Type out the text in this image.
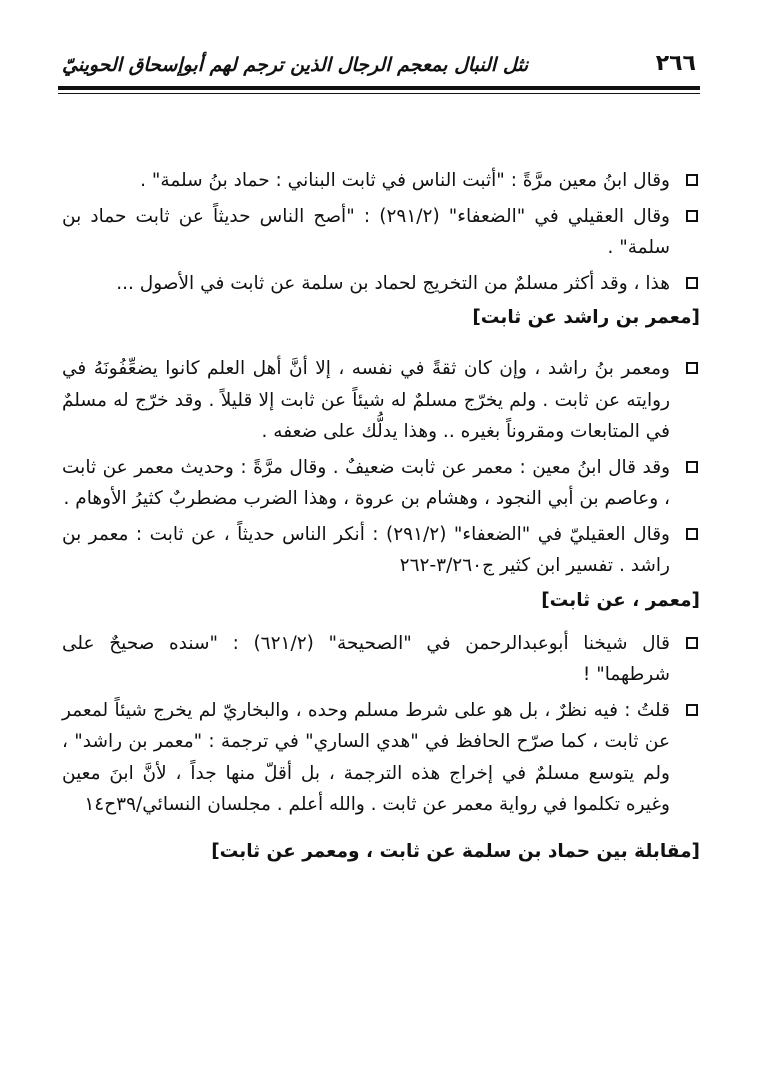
٢٦٦
نثل النبال بمعجم الرجال الذين ترجم لهم أبوإسحاق الحوينيّ
وقال ابنُ معين مرَّةً : "أثبت الناس في ثابت البناني : حماد بنُ سلمة" .
وقال العقيلي في "الضعفاء" (٢٩١/٢) : "أصح الناس حديثاً عن ثابت حماد بن سلمة" .
هذا ، وقد أكثر مسلمٌ من التخريج لحماد بن سلمة عن ثابت في الأصول ...
[معمر بن راشد عن ثابت]
ومعمر بنُ راشد ، وإن كان ثقةً في نفسه ، إلا أنَّ أهل العلم كانوا يضعِّفُونَهُ في روايته عن ثابت . ولم يخرّج مسلمٌ له شيئاً عن ثابت إلا قليلاً . وقد خرّج له مسلمٌ في المتابعات ومقروناً بغيره .. وهذا يدلُّك على ضعفه .
وقد قال ابنُ معين : معمر عن ثابت ضعيفٌ . وقال مرَّةً : وحديث معمر عن ثابت ، وعاصم بن أبي النجود ، وهشام بن عروة ، وهذا الضرب مضطربٌ كثيرُ الأوهام .
وقال العقيليّ في "الضعفاء" (٢٩١/٢) : أنكر الناس حديثاً ، عن ثابت : معمر بن راشد . تفسير ابن كثير ج٣/٢٦٠-٢٦٢
[معمر ، عن ثابت]
قال شيخنا أبوعبدالرحمن في "الصحيحة" (٦٢١/٢) : "سنده صحيحٌ على شرطهما" !
قلتُ : فيه نظرٌ ، بل هو على شرط مسلم وحده ، والبخاريّ لم يخرج شيئاً لمعمر عن ثابت ، كما صرّح الحافظ في "هدي الساري" في ترجمة : "معمر بن راشد" ، ولم يتوسع مسلمٌ في إخراج هذه الترجمة ، بل أقلّ منها جداً ، لأنَّ ابنَ معين وغيره تكلموا في رواية معمر عن ثابت . والله أعلم . مجلسان النسائي/٣٩ح١٤
[مقابلة بين حماد بن سلمة عن ثابت ، ومعمر عن ثابت]
